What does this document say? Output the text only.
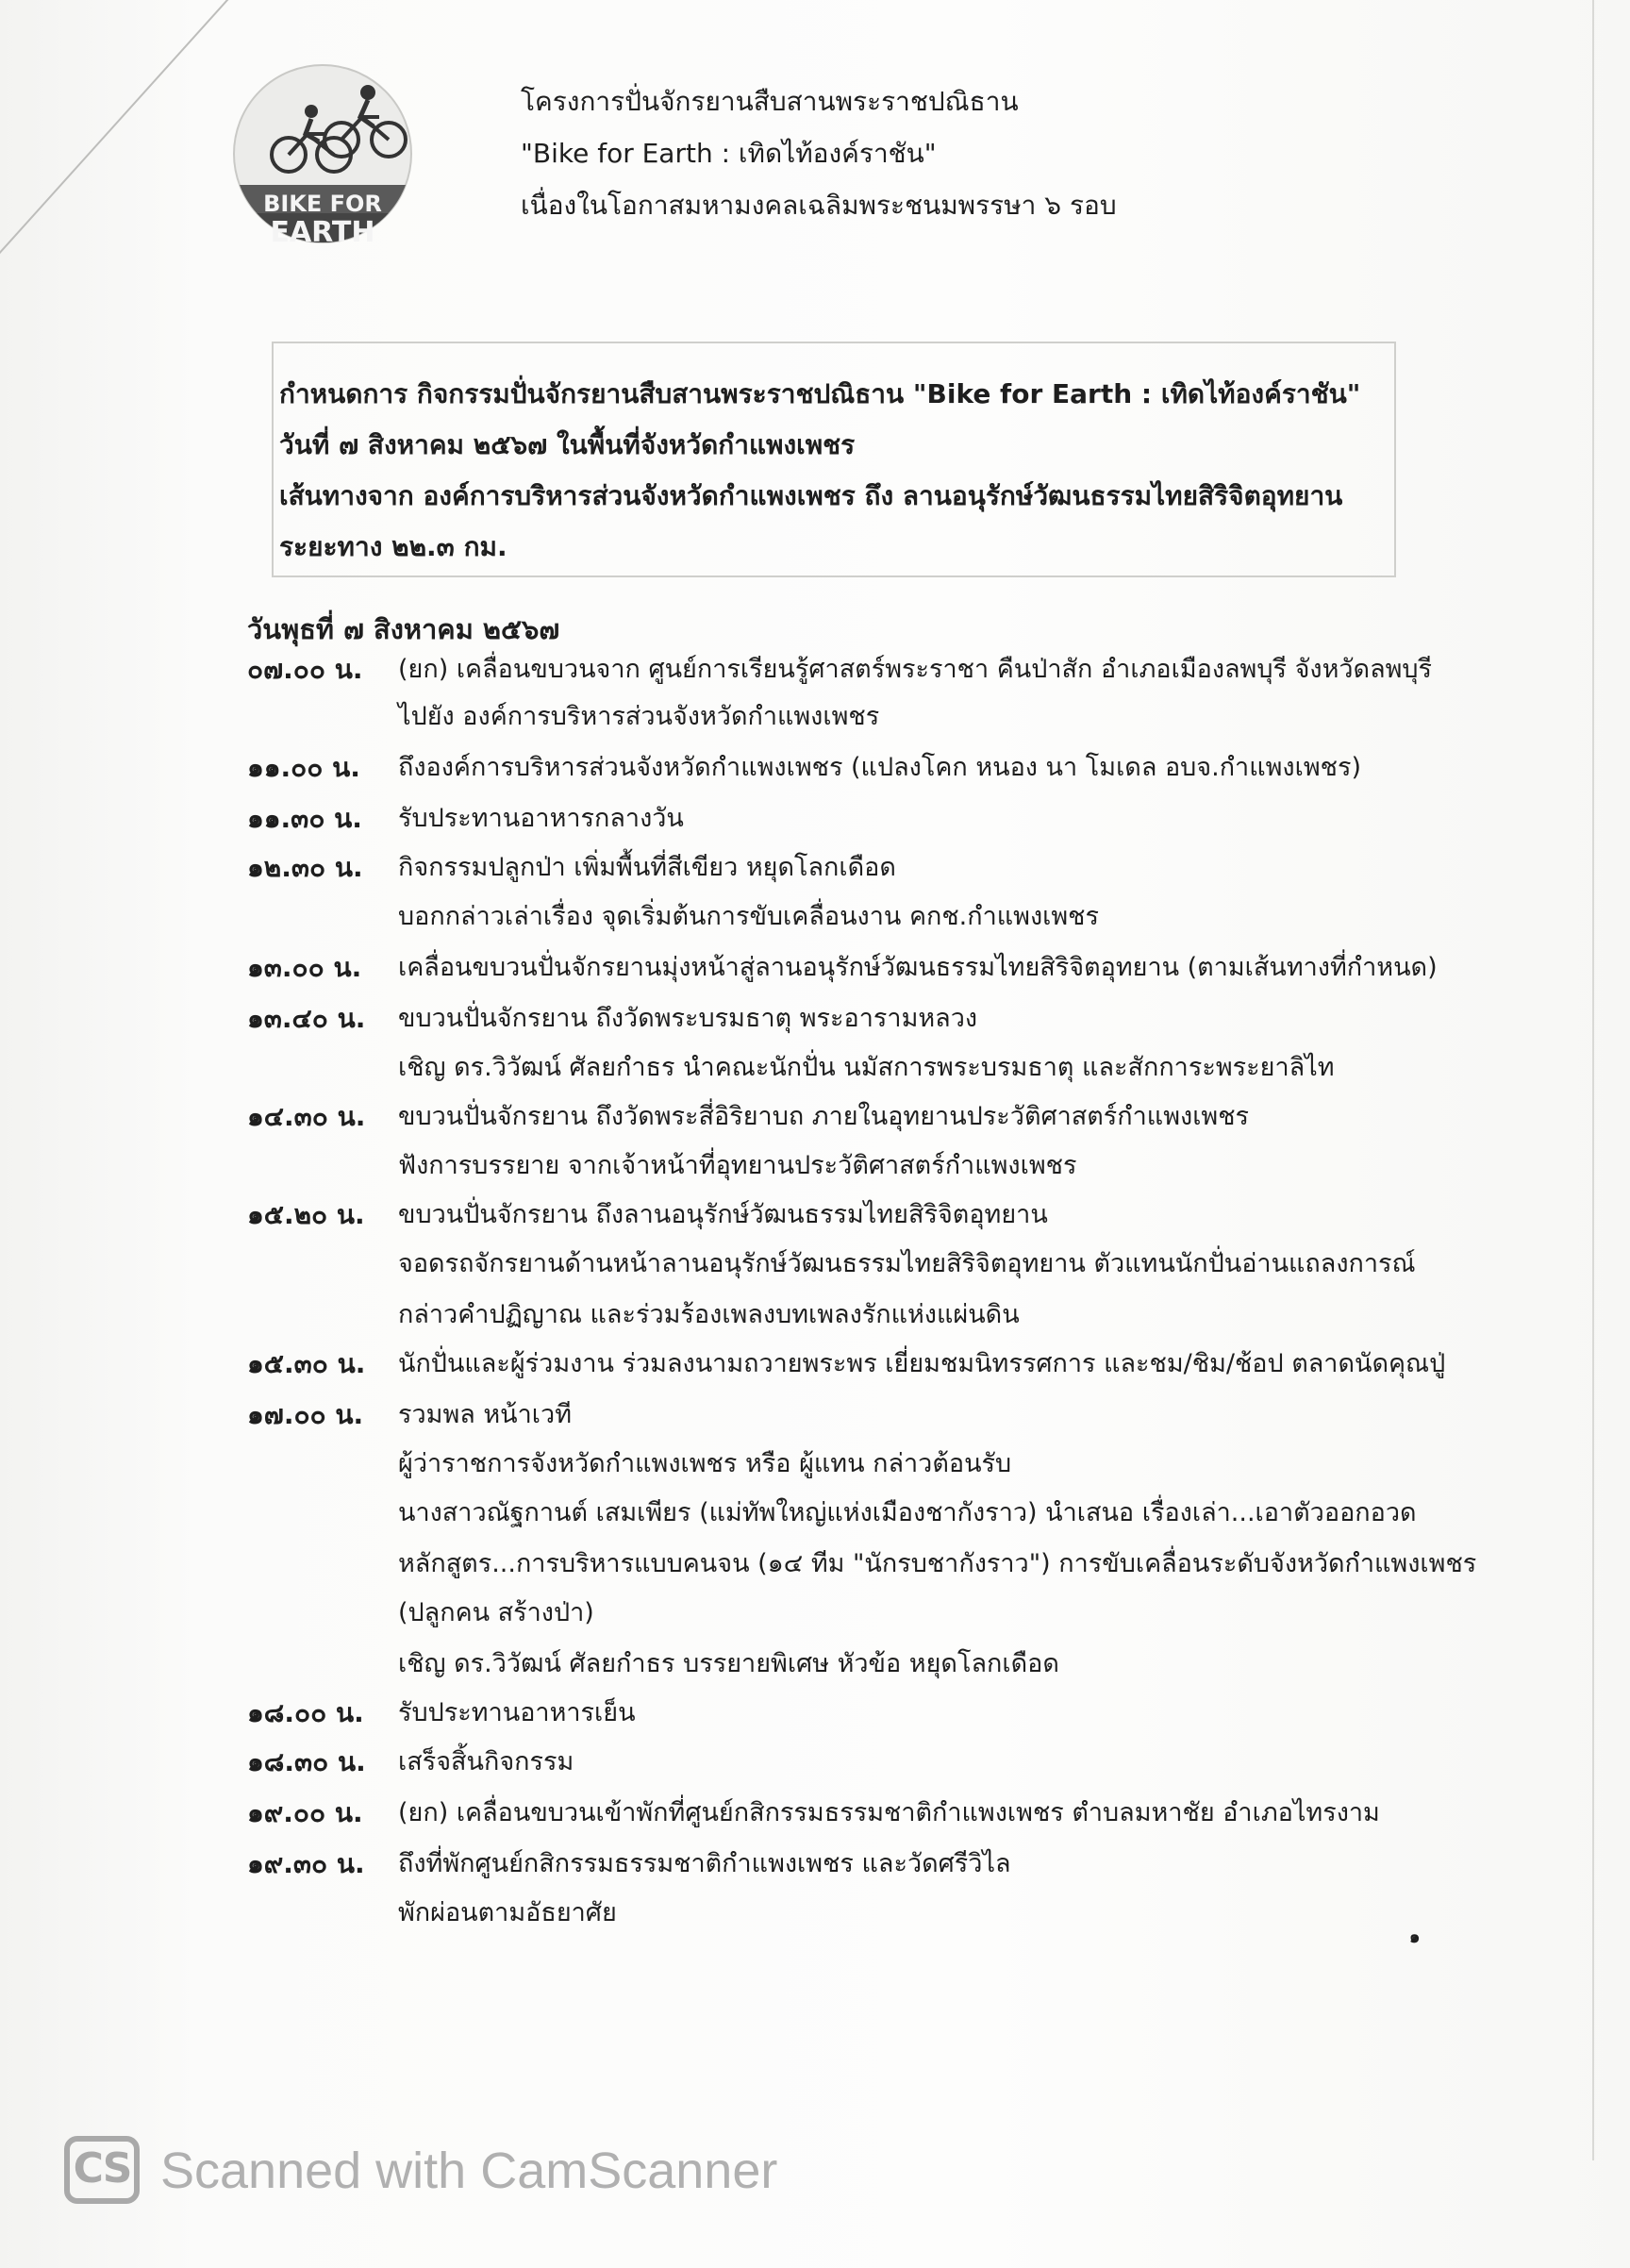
BIKE FOR
EARTH
โครงการปั่นจักรยานสืบสานพระราชปณิธาน
"Bike for Earth : เทิดไท้องค์ราชัน"
เนื่องในโอกาสมหามงคลเฉลิมพระชนมพรรษา ๖ รอบ
กำหนดการ กิจกรรมปั่นจักรยานสืบสานพระราชปณิธาน "Bike for Earth : เทิดไท้องค์ราชัน"
วันที่ ๗ สิงหาคม ๒๕๖๗ ในพื้นที่จังหวัดกำแพงเพชร
เส้นทางจาก องค์การบริหารส่วนจังหวัดกำแพงเพชร ถึง ลานอนุรักษ์วัฒนธรรมไทยสิริจิตอุทยาน
ระยะทาง ๒๒.๓ กม.
วันพุธที่ ๗ สิงหาคม ๒๕๖๗
๐๗.๐๐ น. (ยก) เคลื่อนขบวนจาก ศูนย์การเรียนรู้ศาสตร์พระราชา คืนป่าสัก อำเภอเมืองลพบุรี จังหวัดลพบุรี
ไปยัง องค์การบริหารส่วนจังหวัดกำแพงเพชร
๑๑.๐๐ น. ถึงองค์การบริหารส่วนจังหวัดกำแพงเพชร (แปลงโคก หนอง นา โมเดล อบจ.กำแพงเพชร)
๑๑.๓๐ น. รับประทานอาหารกลางวัน
๑๒.๓๐ น. กิจกรรมปลูกป่า เพิ่มพื้นที่สีเขียว หยุดโลกเดือด
บอกกล่าวเล่าเรื่อง จุดเริ่มต้นการขับเคลื่อนงาน คกช.กำแพงเพชร
๑๓.๐๐ น. เคลื่อนขบวนปั่นจักรยานมุ่งหน้าสู่ลานอนุรักษ์วัฒนธรรมไทยสิริจิตอุทยาน (ตามเส้นทางที่กำหนด)
๑๓.๔๐ น. ขบวนปั่นจักรยาน ถึงวัดพระบรมธาตุ พระอารามหลวง
เชิญ ดร.วิวัฒน์ ศัลยกำธร นำคณะนักปั่น นมัสการพระบรมธาตุ และสักการะพระยาลิไท
๑๔.๓๐ น. ขบวนปั่นจักรยาน ถึงวัดพระสี่อิริยาบถ ภายในอุทยานประวัติศาสตร์กำแพงเพชร
ฟังการบรรยาย จากเจ้าหน้าที่อุทยานประวัติศาสตร์กำแพงเพชร
๑๕.๒๐ น. ขบวนปั่นจักรยาน ถึงลานอนุรักษ์วัฒนธรรมไทยสิริจิตอุทยาน
จอดรถจักรยานด้านหน้าลานอนุรักษ์วัฒนธรรมไทยสิริจิตอุทยาน ตัวแทนนักปั่นอ่านแถลงการณ์
กล่าวคำปฏิญาณ และร่วมร้องเพลงบทเพลงรักแห่งแผ่นดิน
๑๕.๓๐ น. นักปั่นและผู้ร่วมงาน ร่วมลงนามถวายพระพร เยี่ยมชมนิทรรศการ และชม/ชิม/ช้อป ตลาดนัดคุณปู่
๑๗.๐๐ น. รวมพล หน้าเวที
ผู้ว่าราชการจังหวัดกำแพงเพชร หรือ ผู้แทน กล่าวต้อนรับ
นางสาวณัฐกานต์ เสมเพียร (แม่ทัพใหญ่แห่งเมืองชากังราว) นำเสนอ เรื่องเล่า...เอาตัวออกอวด
หลักสูตร...การบริหารแบบคนจน (๑๔ ทีม "นักรบชากังราว") การขับเคลื่อนระดับจังหวัดกำแพงเพชร
(ปลูกคน สร้างป่า)
เชิญ ดร.วิวัฒน์ ศัลยกำธร บรรยายพิเศษ หัวข้อ หยุดโลกเดือด
๑๘.๐๐ น. รับประทานอาหารเย็น
๑๘.๓๐ น. เสร็จสิ้นกิจกรรม
๑๙.๐๐ น. (ยก) เคลื่อนขบวนเข้าพักที่ศูนย์กสิกรรมธรรมชาติกำแพงเพชร ตำบลมหาชัย อำเภอไทรงาม
๑๙.๓๐ น. ถึงที่พักศูนย์กสิกรรมธรรมชาติกำแพงเพชร และวัดศรีวิไล
พักผ่อนตามอัธยาศัย
๑
CS Scanned with CamScanner
